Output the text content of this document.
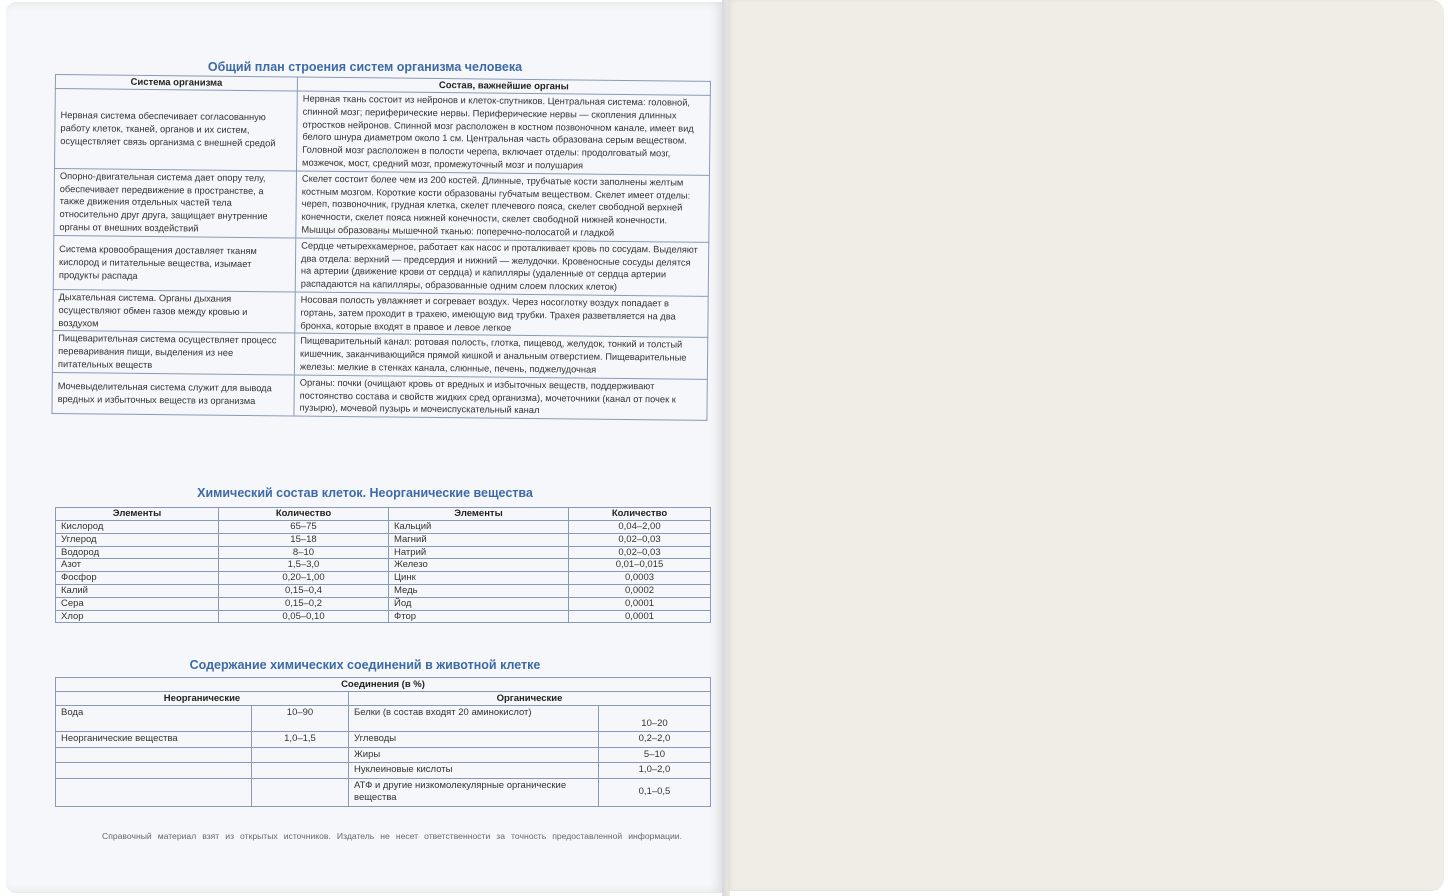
Общий план строения систем организма человека
Система организма	Состав, важнейшие органы
Нервная система обеспечивает согласованную работу клеток, тканей, органов и их систем, осуществляет связь организма с внешней средой	Нервная ткань состоит из нейронов и клеток-спутников. Центральная система: головной, спинной мозг; периферические нервы. Периферические нервы — скопления длинных отростков нейронов. Спинной мозг расположен в костном позвоночном канале, имеет вид белого шнура диаметром около 1 см. Центральная часть образована серым веществом. Головной мозг расположен в полости черепа, включает отделы: продолговатый мозг, мозжечок, мост, средний мозг, промежуточный мозг и полушария
Опорно-двигательная система дает опору телу, обеспечивает передвижение в пространстве, а также движения отдельных частей тела относительно друг друга, защищает внутренние органы от внешних воздействий	Скелет состоит более чем из 200 костей. Длинные, трубчатые кости заполнены желтым костным мозгом. Короткие кости образованы губчатым веществом. Скелет имеет отделы: череп, позвоночник, грудная клетка, скелет плечевого пояса, скелет свободной верхней конечности, скелет пояса нижней конечности, скелет свободной нижней конечности. Мышцы образованы мышечной тканью: поперечно-полосатой и гладкой
Система кровообращения доставляет тканям кислород и питательные вещества, изымает продукты распада	Сердце четырехкамерное, работает как насос и проталкивает кровь по сосудам. Выделяют два отдела: верхний — предсердия и нижний — желудочки. Кровеносные сосуды делятся на артерии (движение крови от сердца) и капилляры (удаленные от сердца артерии распадаются на капилляры, образованные одним слоем плоских клеток)
Дыхательная система. Органы дыхания осуществляют обмен газов между кровью и воздухом	Носовая полость увлажняет и согревает воздух. Через носоглотку воздух попадает в гортань, затем проходит в трахею, имеющую вид трубки. Трахея разветвляется на два бронха, которые входят в правое и левое легкое
Пищеварительная система осуществляет процесс переваривания пищи, выделения из нее питательных веществ	Пищеварительный канал: ротовая полость, глотка, пищевод, желудок, тонкий и толстый кишечник, заканчивающийся прямой кишкой и анальным отверстием. Пищеварительные железы: мелкие в стенках канала, слюнные, печень, поджелудочная
Мочевыделительная система служит для вывода вредных и избыточных веществ из организма	Органы: почки (очищают кровь от вредных и избыточных веществ, поддерживают постоянство состава и свойств жидких сред организма), мочеточники (канал от почек к пузырю), мочевой пузырь и мочеиспускательный канал
Химический состав клеток. Неорганические вещества
Элементы	Количество	Элементы	Количество
Кислород	65–75	Кальций	0,04–2,00
Углерод	15–18	Магний	0,02–0,03
Водород	8–10	Натрий	0,02–0,03
Азот	1,5–3,0	Железо	0,01–0,015
Фосфор	0,20–1,00	Цинк	0,0003
Калий	0,15–0,4	Медь	0,0002
Сера	0,15–0,2	Йод	0,0001
Хлор	0,05–0,10	Фтор	0,0001
Содержание химических соединений в животной клетке
Соединения (в %)			
Неорганические		Органические	
Вода	10–90	Белки (в состав входят 20 аминокислот)	10–20
Неорганические вещества	1,0–1,5	Углеводы	0,2–2,0
		Жиры	5–10
		Нуклеиновые кислоты	1,0–2,0
		АТФ и другие низкомолекулярные органические вещества	0,1–0,5
Справочный материал взят из открытых источников. Издатель не несет ответственности за точность предоставленной информации.
